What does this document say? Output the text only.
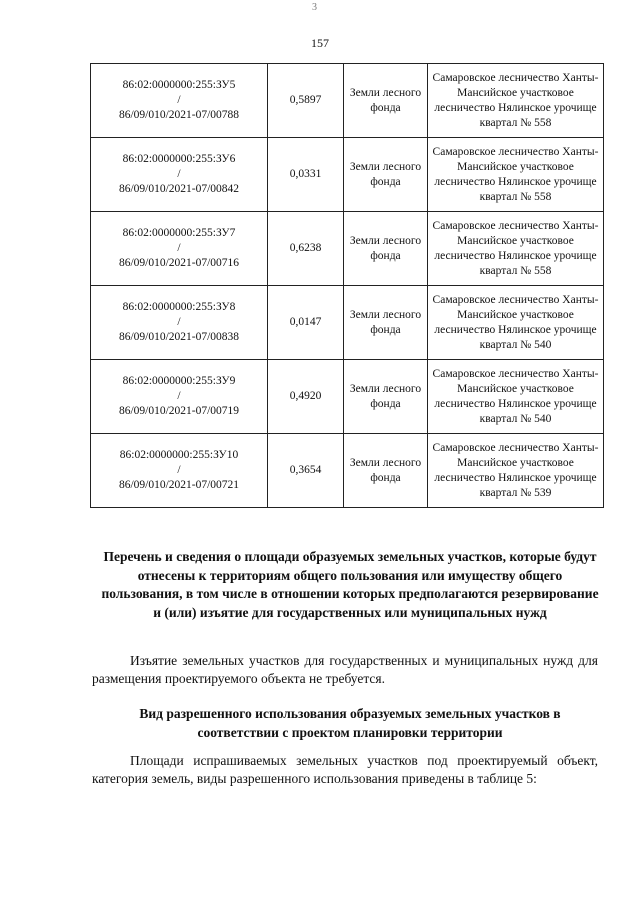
3
157
86:02:0000000:255:ЗУ5
/
86/09/010/2021-07/00788	0,5897	Земли лесного фонда	Самаровское лесничество Ханты-Мансийское участковое лесничество Нялинское урочище квартал № 558

86:02:0000000:255:ЗУ6
/
86/09/010/2021-07/00842	0,0331	Земли лесного фонда	Самаровское лесничество Ханты-Мансийское участковое лесничество Нялинское урочище квартал № 558

86:02:0000000:255:ЗУ7
/
86/09/010/2021-07/00716	0,6238	Земли лесного фонда	Самаровское лесничество Ханты-Мансийское участковое лесничество Нялинское урочище квартал № 558

86:02:0000000:255:ЗУ8
/
86/09/010/2021-07/00838	0,0147	Земли лесного фонда	Самаровское лесничество Ханты-Мансийское участковое лесничество Нялинское урочище квартал № 540

86:02:0000000:255:ЗУ9
/
86/09/010/2021-07/00719	0,4920	Земли лесного фонда	Самаровское лесничество Ханты-Мансийское участковое лесничество Нялинское урочище квартал № 540

86:02:0000000:255:ЗУ10
/
86/09/010/2021-07/00721	0,3654	Земли лесного фонда	Самаровское лесничество Ханты-Мансийское участковое лесничество Нялинское урочище квартал № 539

Перечень и сведения о площади образуемых земельных участков, которые будут отнесены к территориям общего пользования или имуществу общего пользования, в том числе в отношении которых предполагаются резервирование и (или) изъятие для государственных или муниципальных нужд

Изъятие земельных участков для государственных и муниципальных нужд для размещения проектируемого объекта не требуется.

Вид разрешенного использования образуемых земельных участков в соответствии с проектом планировки территории

Площади испрашиваемых земельных участков под проектируемый объект, категория земель, виды разрешенного использования приведены в таблице 5:
